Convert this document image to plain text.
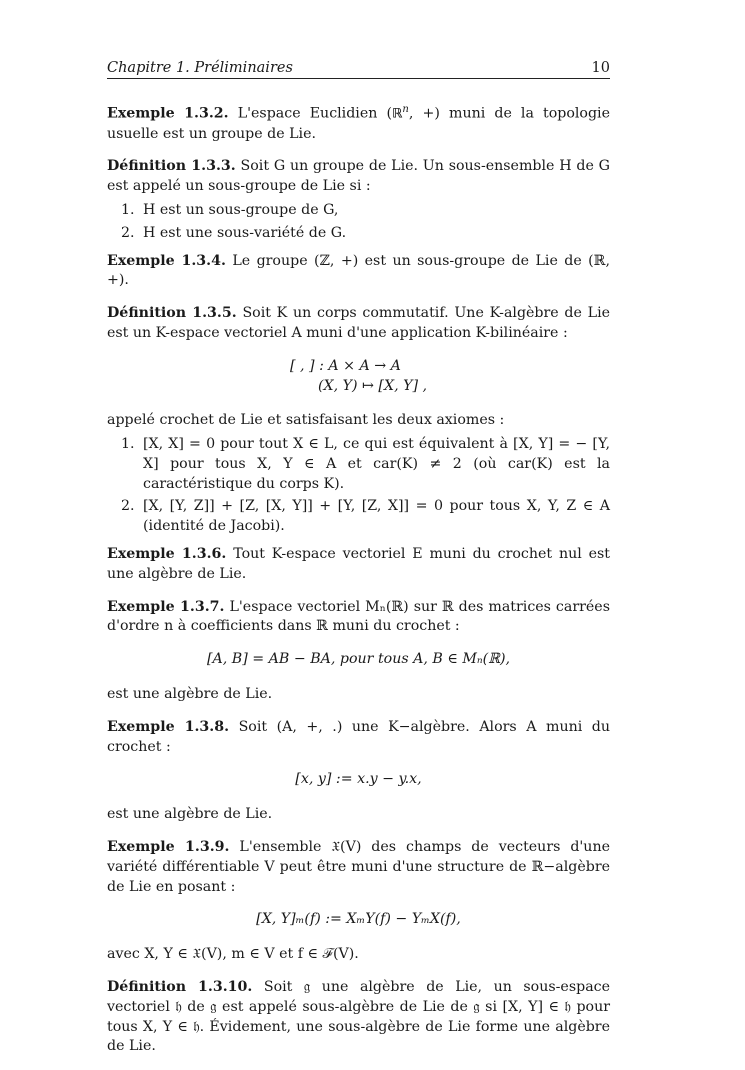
Chapitre 1. Préliminaires	10

Exemple 1.3.2. L'espace Euclidien (ℝ$^n$, +) muni de la topologie usuelle est un groupe de Lie.

Définition 1.3.3. Soit G un groupe de Lie. Un sous-ensemble H de G est appelé un sous-groupe de Lie si :

1. H est un sous-groupe de G,
2. H est une sous-variété de G.

Exemple 1.3.4. Le groupe (ℤ, +) est un sous-groupe de Lie de (ℝ, +).

Définition 1.3.5. Soit K un corps commutatif. Une K-algèbre de Lie est un K-espace vectoriel A muni d'une application K-bilinéaire :

[ , ] : A × A → A
(X, Y) ↦ [X, Y] ,

appelé crochet de Lie et satisfaisant les deux axiomes :

1. [X, X] = 0 pour tout X ∈ L, ce qui est équivalent à [X, Y] = − [Y, X] pour tous X, Y ∈ A et car(K) ≠ 2 (où car(K) est la caractéristique du corps K).
2. [X, [Y, Z]] + [Z, [X, Y]] + [Y, [Z, X]] = 0 pour tous X, Y, Z ∈ A (identité de Jacobi).

Exemple 1.3.6. Tout K-espace vectoriel E muni du crochet nul est une algèbre de Lie.

Exemple 1.3.7. L'espace vectoriel Mₙ(ℝ) sur ℝ des matrices carrées d'ordre n à coefficients dans ℝ muni du crochet :

[A, B] = AB − BA, pour tous A, B ∈ Mₙ(ℝ),

est une algèbre de Lie.

Exemple 1.3.8. Soit (A, +, .) une K−algèbre. Alors A muni du crochet :

[x, y] := x.y − y.x,

est une algèbre de Lie.

Exemple 1.3.9. L'ensemble 𝔛(V) des champs de vecteurs d'une variété différentiable V peut être muni d'une structure de ℝ−algèbre de Lie en posant :

[X, Y]ₘ(f) := XₘY(f) − YₘX(f),

avec X, Y ∈ 𝔛(V), m ∈ V et f ∈ ℱ(V).

Définition 1.3.10. Soit 𝔤 une algèbre de Lie, un sous-espace vectoriel 𝔥 de 𝔤 est appelé sous-algèbre de Lie de 𝔤 si [X, Y] ∈ 𝔥 pour tous X, Y ∈ 𝔥. Évidement, une sous-algèbre de Lie forme une algèbre de Lie.
